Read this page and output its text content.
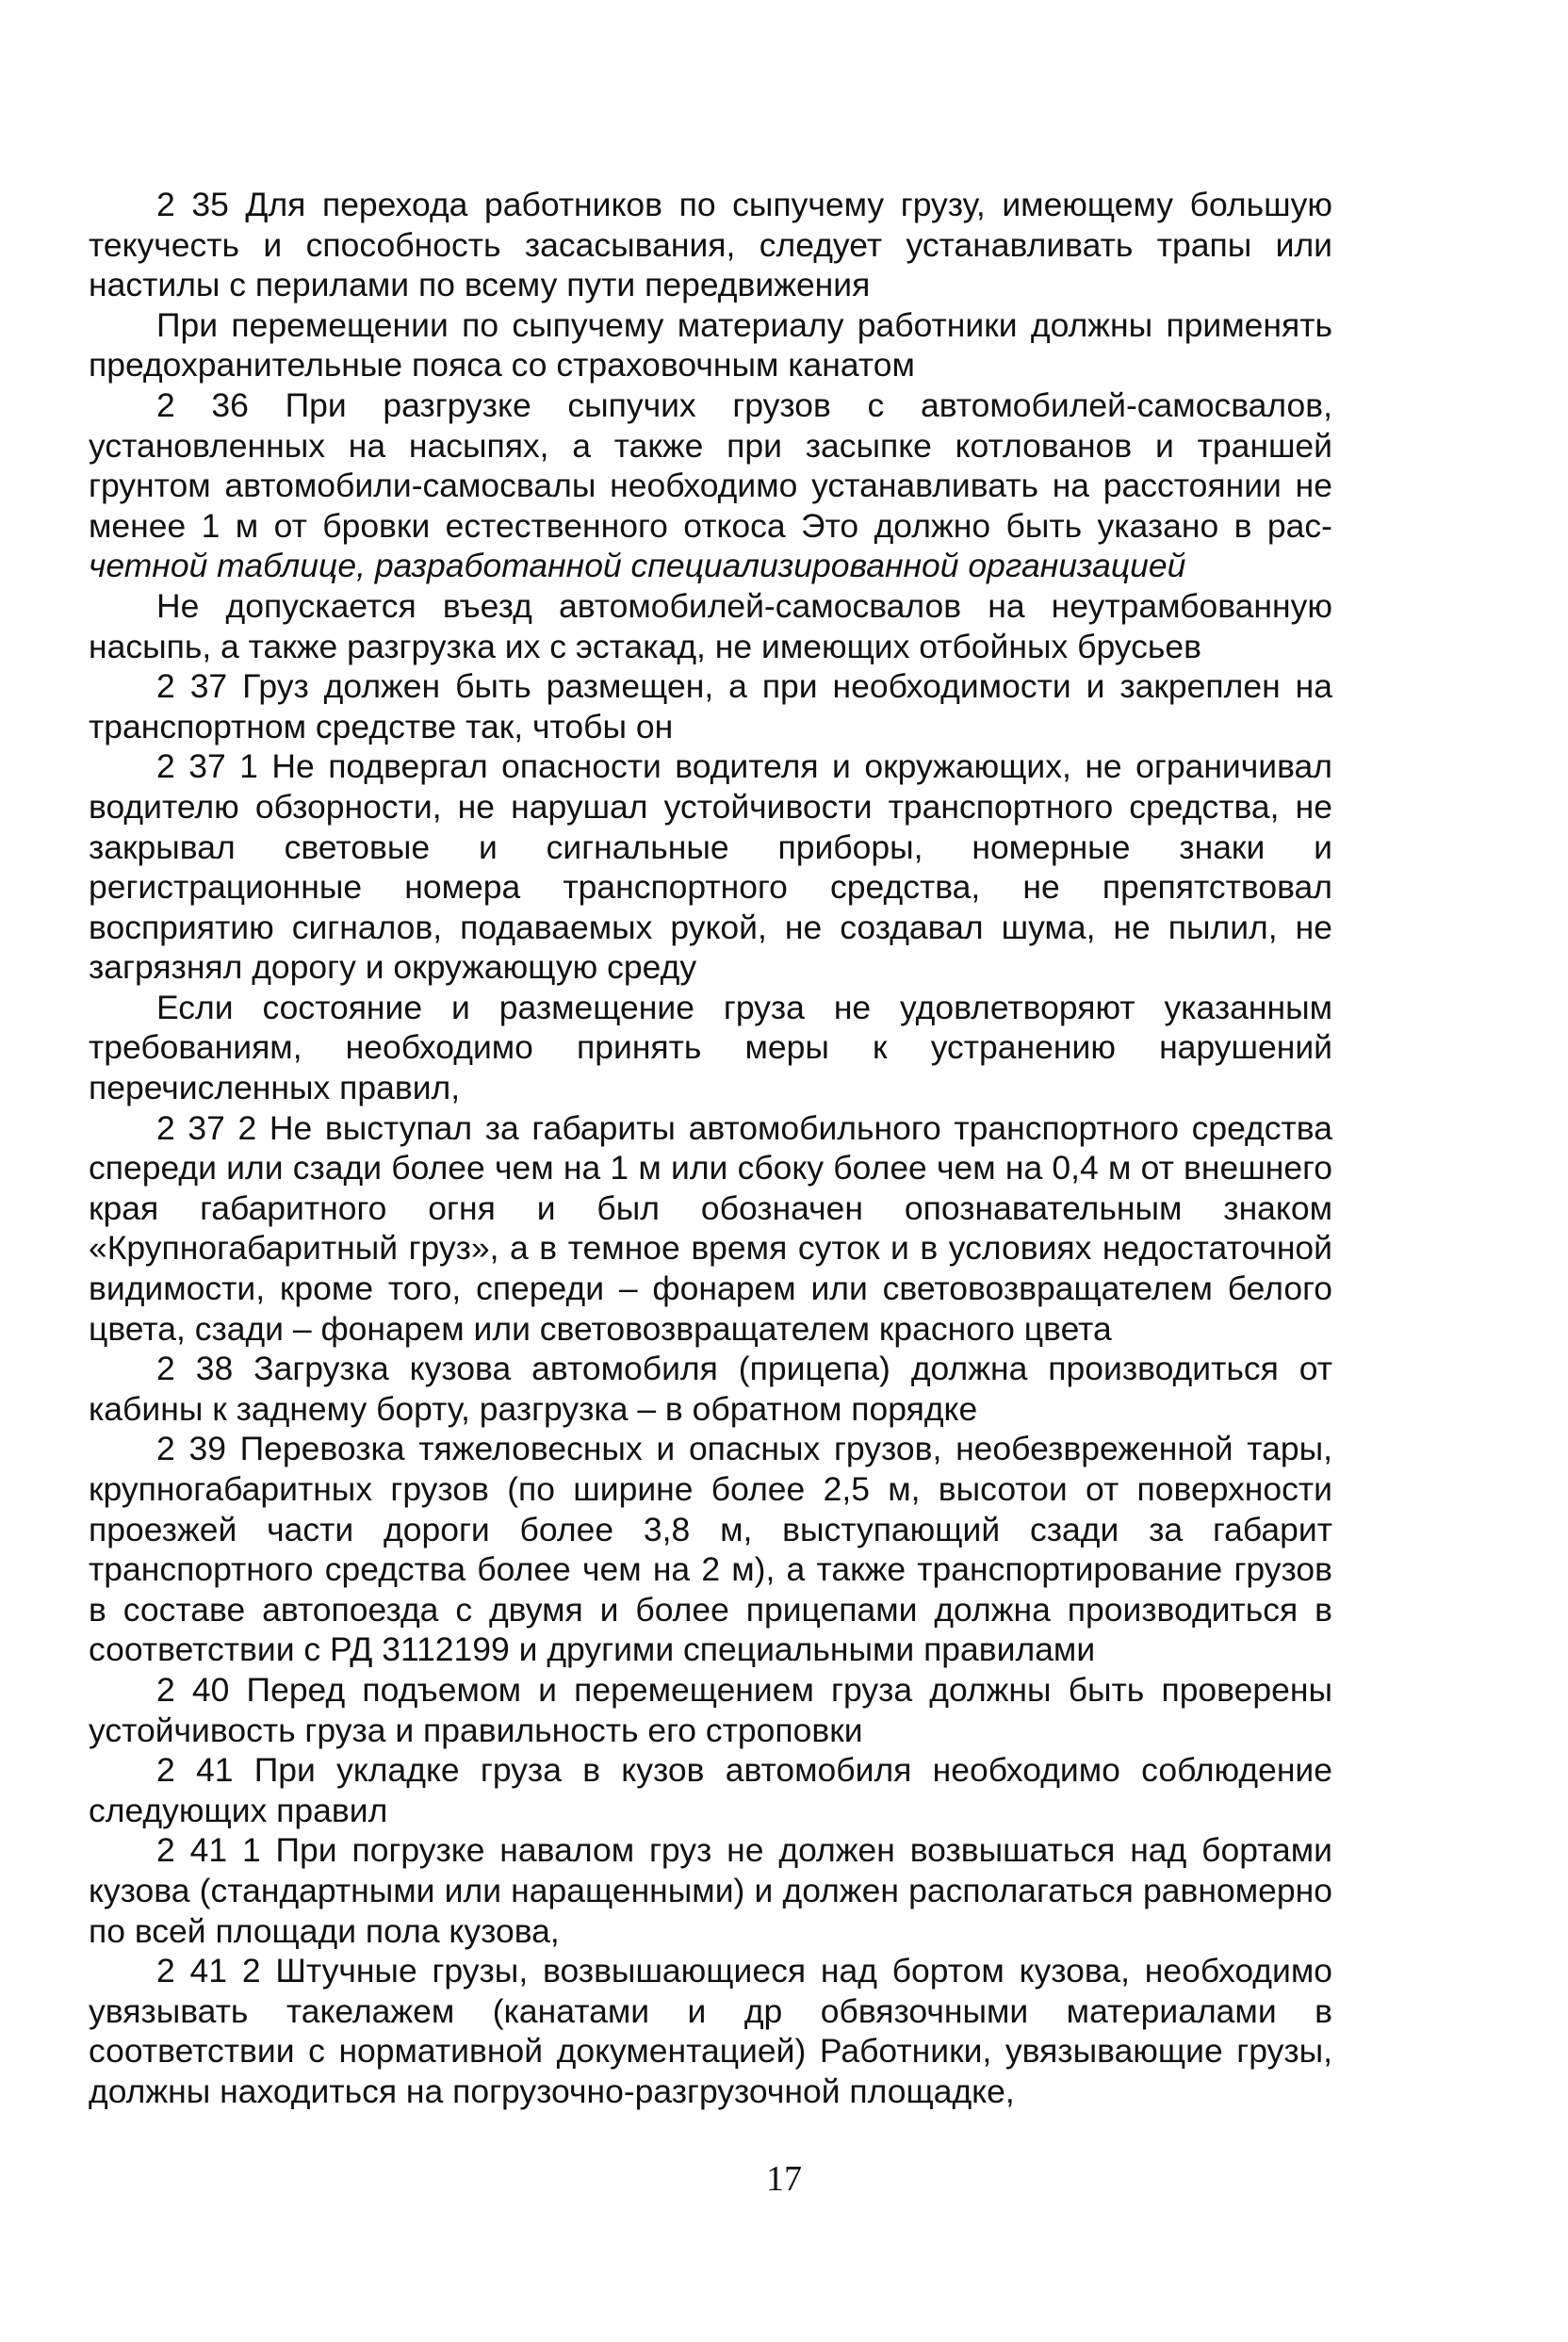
2 35 Для перехода работников по сыпучему грузу, имеющему большую текучесть и способность засасывания, следует устанавливать трапы или настилы с перилами по всему пути передвижения

При перемещении по сыпучему материалу работники должны применять предохранительные пояса со страховочным канатом

2 36 При разгрузке сыпучих грузов с автомобилей-самосвалов, установленных на насыпях, а также при засыпке котлованов и траншей грунтом автомобили-самосвалы необходимо устанавливать на расстоянии не менее 1 м от бровки естественного откоса Это должно быть указано в рас-четной таблице, разработанной специализированной организацией

Не допускается въезд автомобилей-самосвалов на неутрамбованную насыпь, а также разгрузка их с эстакад, не имеющих отбойных брусьев

2 37 Груз должен быть размещен, а при необходимости и закреплен на транспортном средстве так, чтобы он

2 37 1 Не подвергал опасности водителя и окружающих, не ограничивал водителю обзорности, не нарушал устойчивости транспортного средства, не закрывал световые и сигнальные приборы, номерные знаки и регистрационные номера транспортного средства, не препятствовал восприятию сигналов, подаваемых рукой, не создавал шума, не пылил, не загрязнял дорогу и окружающую среду

Если состояние и размещение груза не удовлетворяют указанным требованиям, необходимо принять меры к устранению нарушений перечисленных правил,

2 37 2 Не выступал за габариты автомобильного транспортного средства спереди или сзади более чем на 1 м или сбоку более чем на 0,4 м от внешнего края габаритного огня и был обозначен опознавательным знаком «Крупногабаритный груз», а в темное время суток и в условиях недостаточной видимости, кроме того, спереди – фонарем или световозвращателем белого цвета, сзади – фонарем или световозвращателем красного цвета

2 38 Загрузка кузова автомобиля (прицепа) должна производиться от кабины к заднему борту, разгрузка – в обратном порядке

2 39 Перевозка тяжеловесных и опасных грузов, необезвреженной тары, крупногабаритных грузов (по ширине более 2,5 м, высотои от поверхности проезжей части дороги более 3,8 м, выступающий сзади за габарит транспортного средства более чем на 2 м), а также транспортирование грузов в составе автопоезда с двумя и более прицепами должна производиться в соответствии с РД 3112199 и другими специальными правилами

2 40 Перед подъемом и перемещением груза должны быть проверены устойчивость груза и правильность его строповки

2 41 При укладке груза в кузов автомобиля необходимо соблюдение следующих правил

2 41 1 При погрузке навалом груз не должен возвышаться над бортами кузова (стандартными или наращенными) и должен располагаться равномерно по всей площади пола кузова,

2 41 2 Штучные грузы, возвышающиеся над бортом кузова, необходимо увязывать такелажем (канатами и др обвязочными материалами в соответствии с нормативной документацией) Работники, увязывающие грузы, должны находиться на погрузочно-разгрузочной площадке,

17
